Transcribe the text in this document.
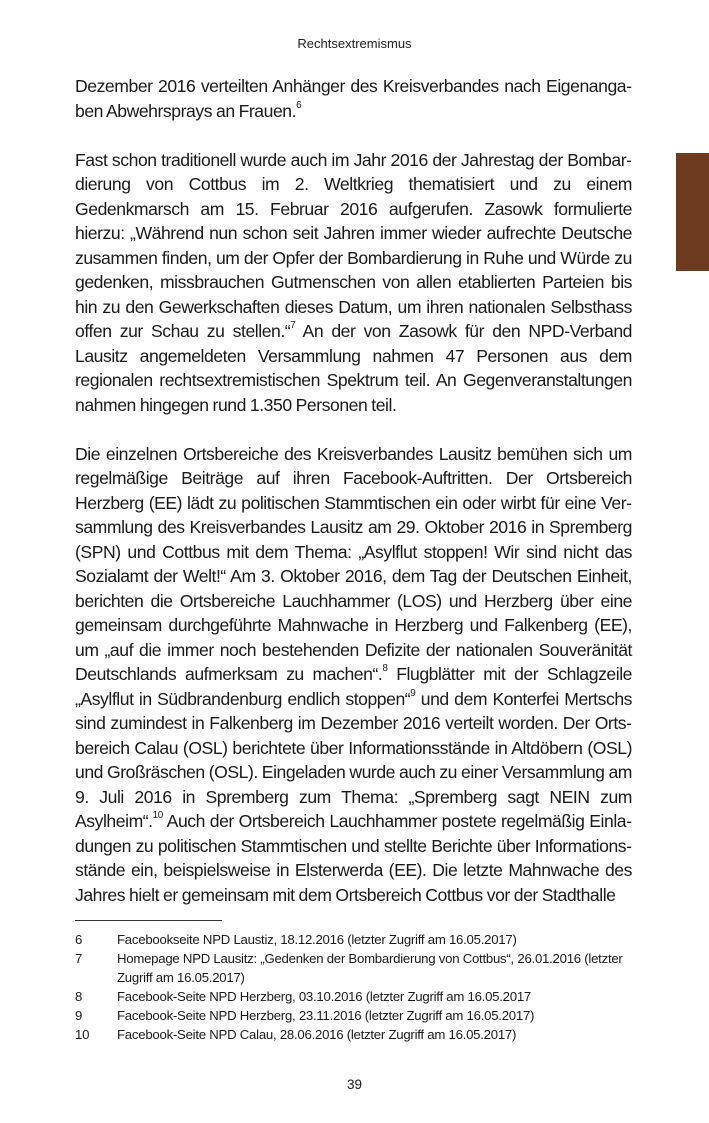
Rechtsextremismus

Dezember 2016 verteilten Anhänger des Kreisverbandes nach Eigenangaben Abwehrsprays an Frauen.$^6$

Fast schon traditionell wurde auch im Jahr 2016 der Jahrestag der Bombardierung von Cottbus im 2. Weltkrieg thematisiert und zu einem Gedenkmarsch am 15. Februar 2016 aufgerufen. Zasowk formulierte hierzu: „Während nun schon seit Jahren immer wieder aufrechte Deutsche zusammen finden, um der Opfer der Bombardierung in Ruhe und Würde zu gedenken, missbrauchen Gutmenschen von allen etablierten Parteien bis hin zu den Gewerkschaften dieses Datum, um ihren nationalen Selbsthass offen zur Schau zu stellen.“$^7$ An der von Zasowk für den NPD-Verband Lausitz angemeldeten Versammlung nahmen 47 Personen aus dem regionalen rechtsextremistischen Spektrum teil. An Gegenveranstaltungen nahmen hingegen rund 1.350 Personen teil.

Die einzelnen Ortsbereiche des Kreisverbandes Lausitz bemühen sich um regelmäßige Beiträge auf ihren Facebook-Auftritten. Der Ortsbereich Herzberg (EE) lädt zu politischen Stammtischen ein oder wirbt für eine Versammlung des Kreisverbandes Lausitz am 29. Oktober 2016 in Spremberg (SPN) und Cottbus mit dem Thema: „Asylflut stoppen! Wir sind nicht das Sozialamt der Welt!“ Am 3. Oktober 2016, dem Tag der Deutschen Einheit, berichten die Ortsbereiche Lauchhammer (LOS) und Herzberg über eine gemeinsam durchgeführte Mahnwache in Herzberg und Falkenberg (EE), um „auf die immer noch bestehenden Defizite der nationalen Souveränität Deutschlands aufmerksam zu machen“.$^8$ Flugblätter mit der Schlagzeile „Asylflut in Südbrandenburg endlich stoppen“$^9$ und dem Konterfei Mertschs sind zumindest in Falkenberg im Dezember 2016 verteilt worden. Der Ortsbereich Calau (OSL) berichtete über Informationsstände in Altdöbern (OSL) und Großräschen (OSL). Eingeladen wurde auch zu einer Versammlung am 9. Juli 2016 in Spremberg zum Thema: „Spremberg sagt NEIN zum Asylheim“.$^{10}$ Auch der Ortsbereich Lauchhammer postete regelmäßig Einladungen zu politischen Stammtischen und stellte Berichte über Informationsstände ein, beispielsweise in Elsterwerda (EE). Die letzte Mahnwache des Jahres hielt er gemeinsam mit dem Ortsbereich Cottbus vor der Stadthalle

6	Facebookseite NPD Laustiz, 18.12.2016 (letzter Zugriff am 16.05.2017)
7	Homepage NPD Lausitz: „Gedenken der Bombardierung von Cottbus“, 26.01.2016 (letzter Zugriff am 16.05.2017)
8	Facebook-Seite NPD Herzberg, 03.10.2016 (letzter Zugriff am 16.05.2017
9	Facebook-Seite NPD Herzberg, 23.11.2016 (letzter Zugriff am 16.05.2017)
10	Facebook-Seite NPD Calau, 28.06.2016 (letzter Zugriff am 16.05.2017)
39
